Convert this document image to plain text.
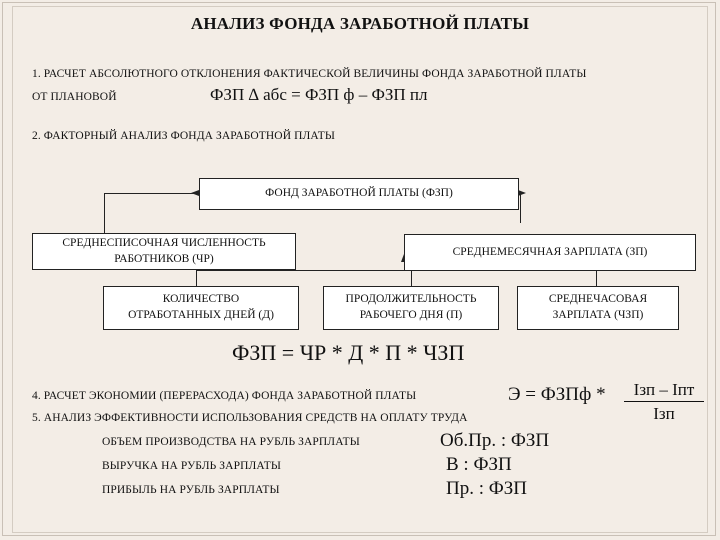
АНАЛИЗ ФОНДА ЗАРАБОТНОЙ ПЛАТЫ
1. РАСЧЕТ АБСОЛЮТНОГО ОТКЛОНЕНИЯ ФАКТИЧЕСКОЙ ВЕЛИЧИНЫ ФОНДА ЗАРАБОТНОЙ ПЛАТЫ
ОТ ПЛАНОВОЙ	ФЗП ∆ абс = ФЗП ф – ФЗП пл
2. ФАКТОРНЫЙ АНАЛИЗ ФОНДА ЗАРАБОТНОЙ ПЛАТЫ
ФОНД ЗАРАБОТНОЙ ПЛАТЫ (ФЗП)
СРЕДНЕСПИСОЧНАЯ ЧИСЛЕННОСТЬ
РАБОТНИКОВ (ЧР)
СРЕДНЕМЕСЯЧНАЯ ЗАРПЛАТА (ЗП)
КОЛИЧЕСТВО
ОТРАБОТАННЫХ ДНЕЙ (Д)
ПРОДОЛЖИТЕЛЬНОСТЬ
РАБОЧЕГО ДНЯ (П)
СРЕДНЕЧАСОВАЯ
ЗАРПЛАТА (ЧЗП)
ФЗП = ЧР * Д * П * ЧЗП
4. РАСЧЕТ ЭКОНОМИИ (ПЕРЕРАСХОДА) ФОНДА ЗАРАБОТНОЙ ПЛАТЫ	Э = ФЗПф *	Iзп – Iпт
Iзп
5. АНАЛИЗ ЭФФЕКТИВНОСТИ ИСПОЛЬЗОВАНИЯ СРЕДСТВ НА ОПЛАТУ ТРУДА
ОБЪЕМ ПРОИЗВОДСТВА НА РУБЛЬ ЗАРПЛАТЫ	Об.Пр. : ФЗП
ВЫРУЧКА НА РУБЛЬ ЗАРПЛАТЫ	В : ФЗП
ПРИБЫЛЬ НА РУБЛЬ ЗАРПЛАТЫ	Пр. : ФЗП
